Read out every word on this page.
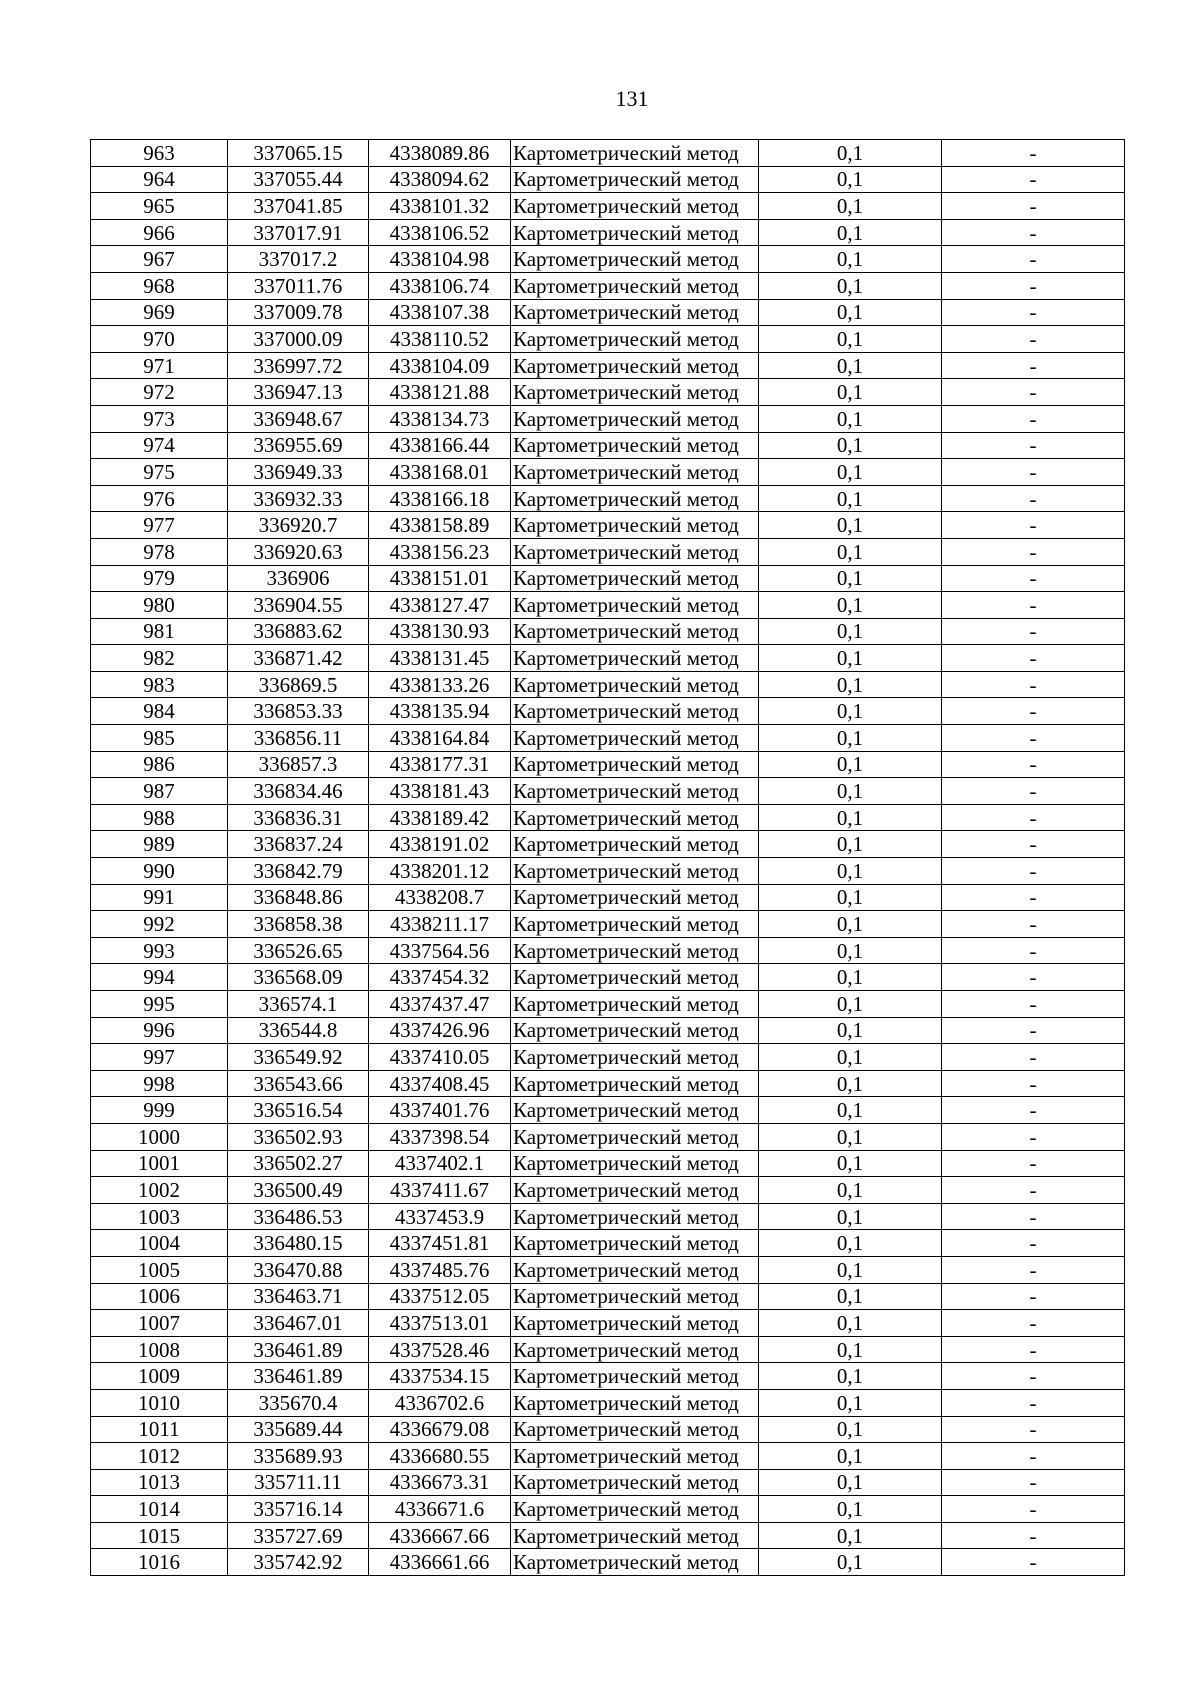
131
963	337065.15	4338089.86	Картометрический метод	0,1	-
964	337055.44	4338094.62	Картометрический метод	0,1	-
965	337041.85	4338101.32	Картометрический метод	0,1	-
966	337017.91	4338106.52	Картометрический метод	0,1	-
967	337017.2	4338104.98	Картометрический метод	0,1	-
968	337011.76	4338106.74	Картометрический метод	0,1	-
969	337009.78	4338107.38	Картометрический метод	0,1	-
970	337000.09	4338110.52	Картометрический метод	0,1	-
971	336997.72	4338104.09	Картометрический метод	0,1	-
972	336947.13	4338121.88	Картометрический метод	0,1	-
973	336948.67	4338134.73	Картометрический метод	0,1	-
974	336955.69	4338166.44	Картометрический метод	0,1	-
975	336949.33	4338168.01	Картометрический метод	0,1	-
976	336932.33	4338166.18	Картометрический метод	0,1	-
977	336920.7	4338158.89	Картометрический метод	0,1	-
978	336920.63	4338156.23	Картометрический метод	0,1	-
979	336906	4338151.01	Картометрический метод	0,1	-
980	336904.55	4338127.47	Картометрический метод	0,1	-
981	336883.62	4338130.93	Картометрический метод	0,1	-
982	336871.42	4338131.45	Картометрический метод	0,1	-
983	336869.5	4338133.26	Картометрический метод	0,1	-
984	336853.33	4338135.94	Картометрический метод	0,1	-
985	336856.11	4338164.84	Картометрический метод	0,1	-
986	336857.3	4338177.31	Картометрический метод	0,1	-
987	336834.46	4338181.43	Картометрический метод	0,1	-
988	336836.31	4338189.42	Картометрический метод	0,1	-
989	336837.24	4338191.02	Картометрический метод	0,1	-
990	336842.79	4338201.12	Картометрический метод	0,1	-
991	336848.86	4338208.7	Картометрический метод	0,1	-
992	336858.38	4338211.17	Картометрический метод	0,1	-
993	336526.65	4337564.56	Картометрический метод	0,1	-
994	336568.09	4337454.32	Картометрический метод	0,1	-
995	336574.1	4337437.47	Картометрический метод	0,1	-
996	336544.8	4337426.96	Картометрический метод	0,1	-
997	336549.92	4337410.05	Картометрический метод	0,1	-
998	336543.66	4337408.45	Картометрический метод	0,1	-
999	336516.54	4337401.76	Картометрический метод	0,1	-
1000	336502.93	4337398.54	Картометрический метод	0,1	-
1001	336502.27	4337402.1	Картометрический метод	0,1	-
1002	336500.49	4337411.67	Картометрический метод	0,1	-
1003	336486.53	4337453.9	Картометрический метод	0,1	-
1004	336480.15	4337451.81	Картометрический метод	0,1	-
1005	336470.88	4337485.76	Картометрический метод	0,1	-
1006	336463.71	4337512.05	Картометрический метод	0,1	-
1007	336467.01	4337513.01	Картометрический метод	0,1	-
1008	336461.89	4337528.46	Картометрический метод	0,1	-
1009	336461.89	4337534.15	Картометрический метод	0,1	-
1010	335670.4	4336702.6	Картометрический метод	0,1	-
1011	335689.44	4336679.08	Картометрический метод	0,1	-
1012	335689.93	4336680.55	Картометрический метод	0,1	-
1013	335711.11	4336673.31	Картометрический метод	0,1	-
1014	335716.14	4336671.6	Картометрический метод	0,1	-
1015	335727.69	4336667.66	Картометрический метод	0,1	-
1016	335742.92	4336661.66	Картометрический метод	0,1	-
